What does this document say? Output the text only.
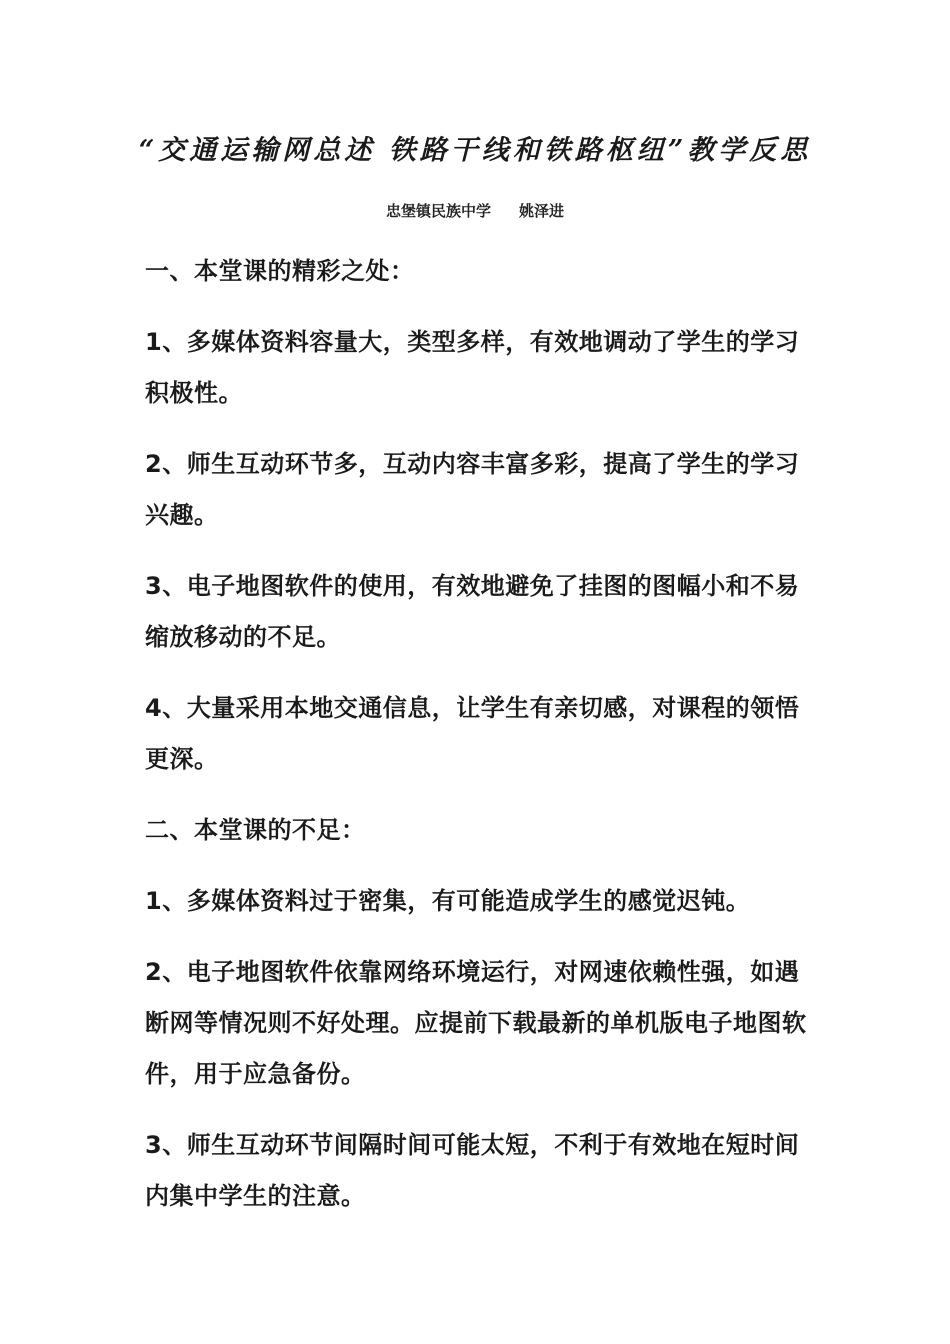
“交通运输网总述 铁路干线和铁路枢纽”教学反思
忠堡镇民族中学 姚泽进
一、本堂课的精彩之处：
1、多媒体资料容量大，类型多样，有效地调动了学生的学习积极性。
2、师生互动环节多，互动内容丰富多彩，提高了学生的学习兴趣。
3、电子地图软件的使用，有效地避免了挂图的图幅小和不易缩放移动的不足。
4、大量采用本地交通信息，让学生有亲切感，对课程的领悟更深。
二、本堂课的不足：
1、多媒体资料过于密集，有可能造成学生的感觉迟钝。
2、电子地图软件依靠网络环境运行，对网速依赖性强，如遇断网等情况则不好处理。应提前下载最新的单机版电子地图软件，用于应急备份。
3、师生互动环节间隔时间可能太短，不利于有效地在短时间内集中学生的注意。
